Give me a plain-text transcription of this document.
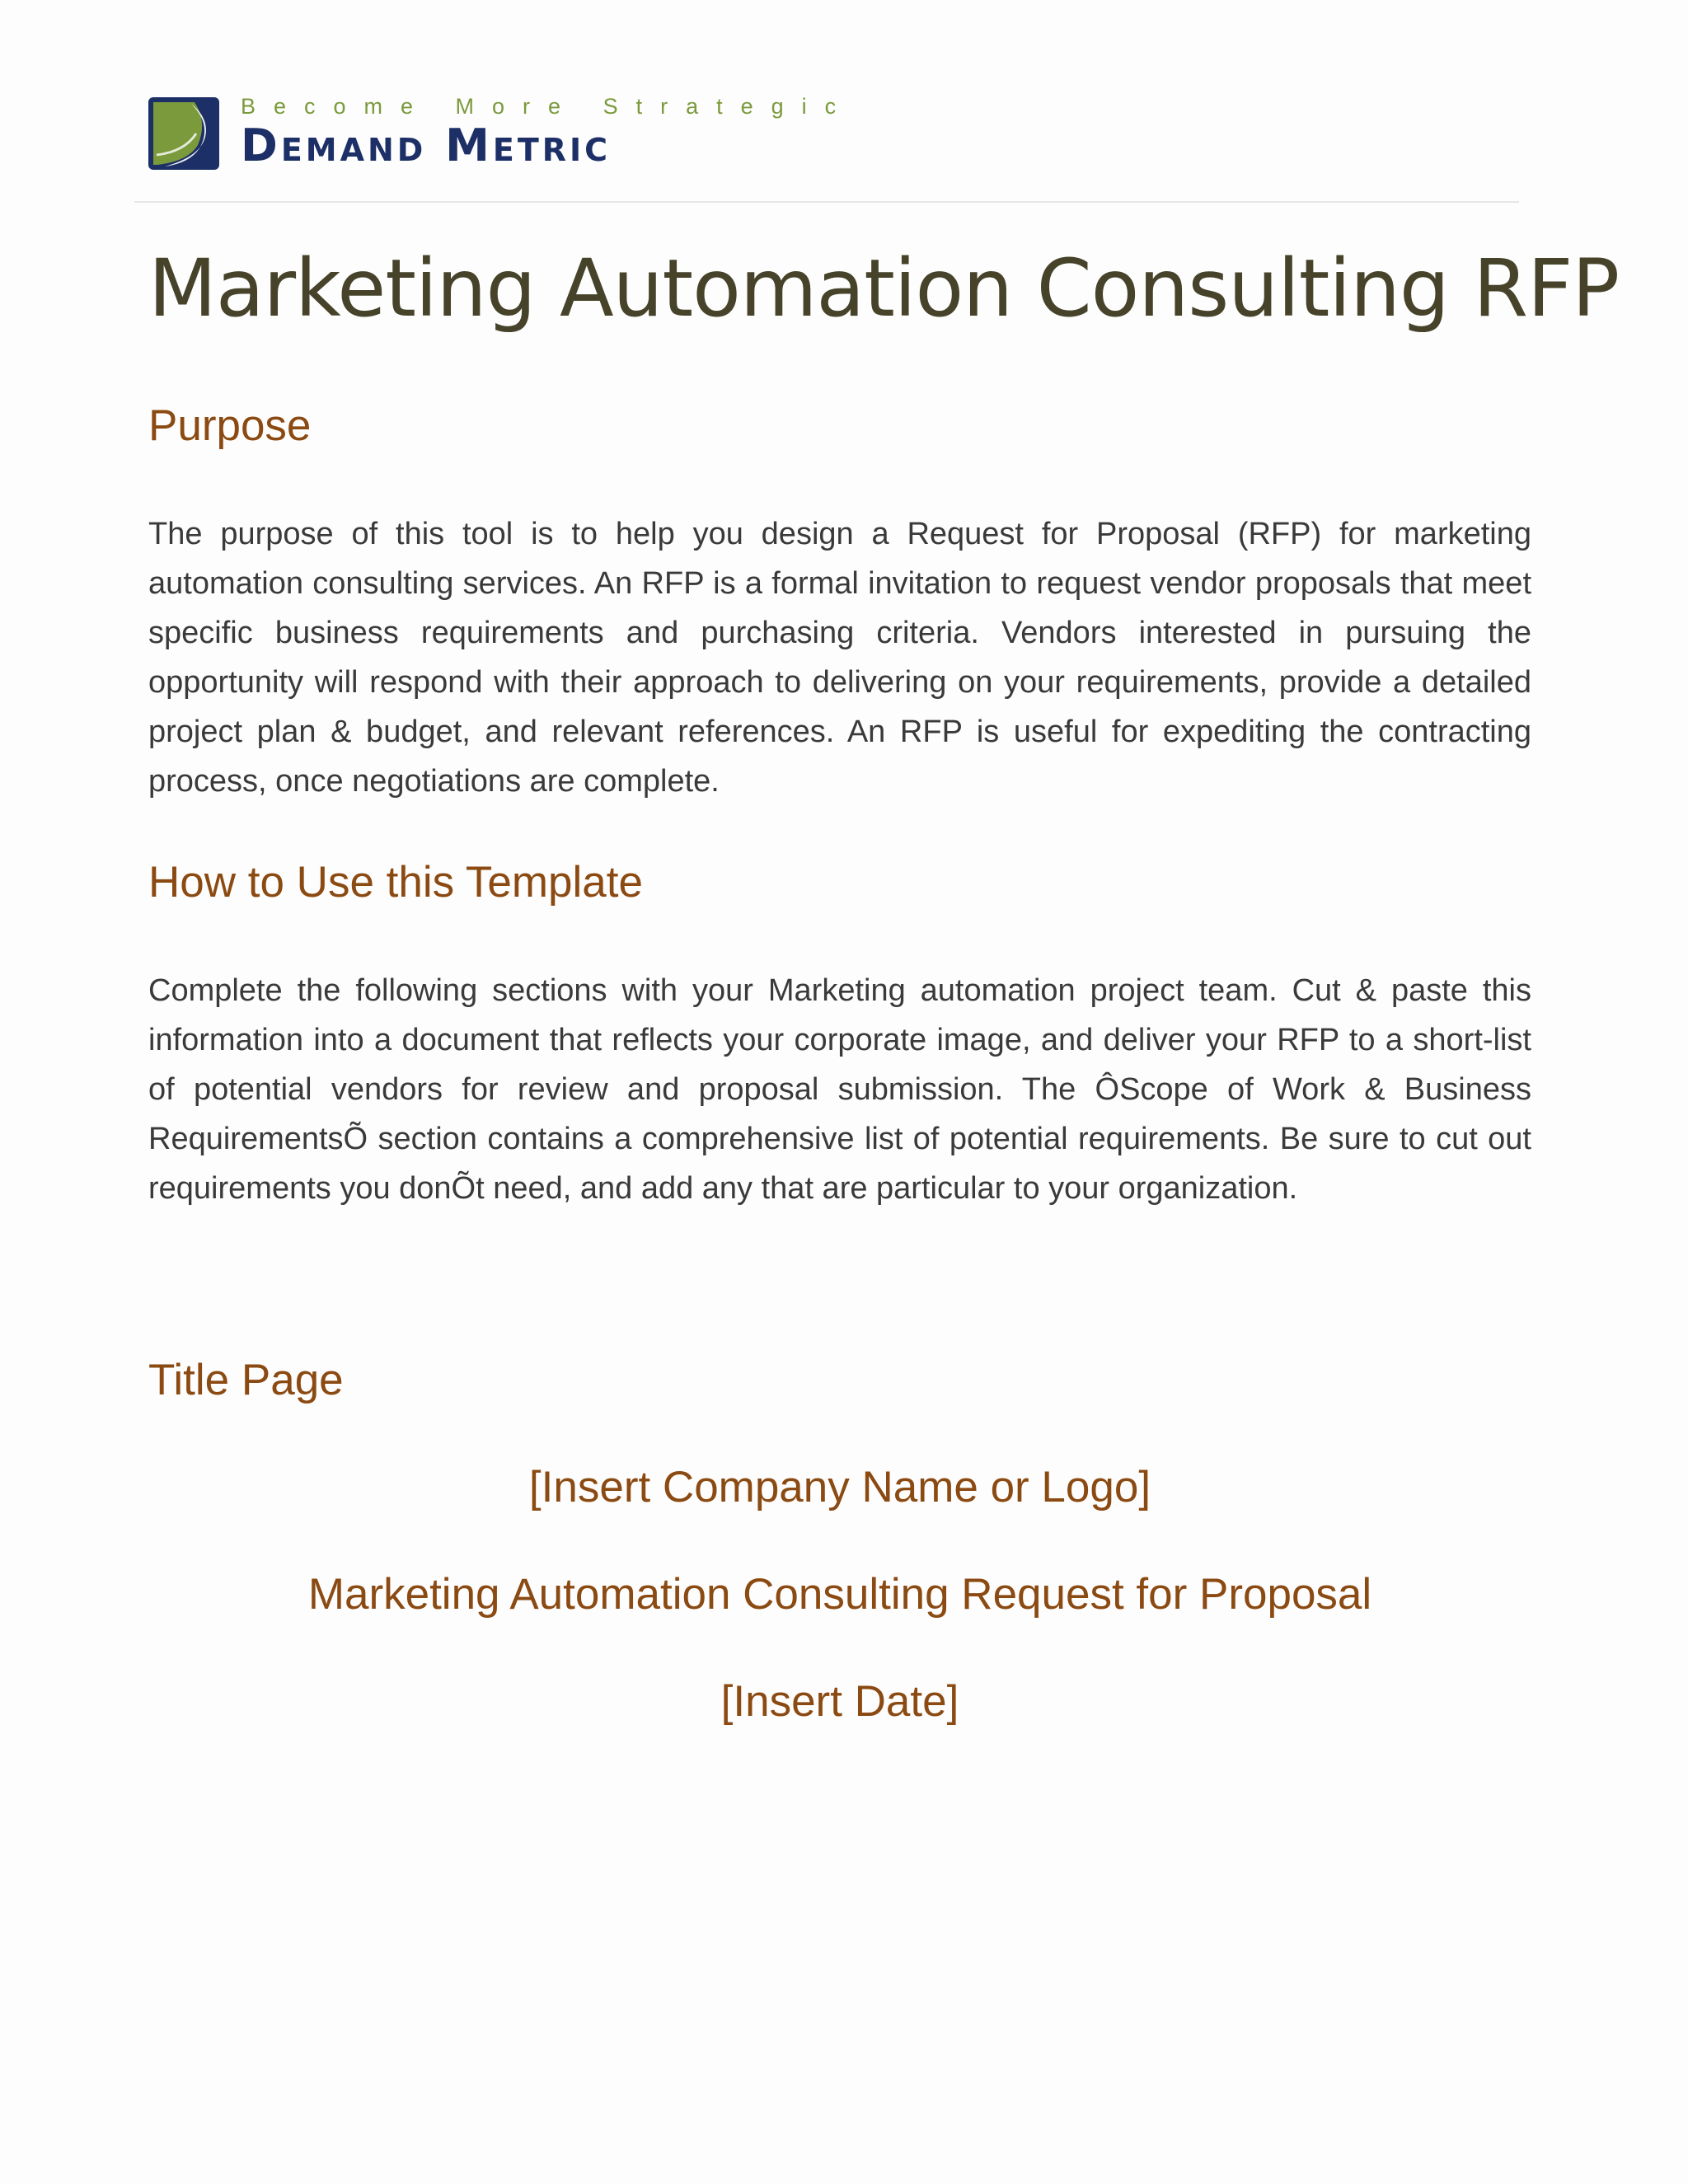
Become More Strategic
Demand Metric
Marketing Automation Consulting RFP
Purpose

The purpose of this tool is to help you design a Request for Proposal (RFP) for marketing automation consulting services. An RFP is a formal invitation to request vendor proposals that meet specific business requirements and purchasing criteria. Vendors interested in pursuing the opportunity will respond with their approach to delivering on your requirements, provide a detailed project plan & budget, and relevant references. An RFP is useful for expediting the contracting process, once negotiations are complete.

How to Use this Template

Complete the following sections with your Marketing automation project team. Cut & paste this information into a document that reflects your corporate image, and deliver your RFP to a short-list of potential vendors for review and proposal submission. The ÔScope of Work & Business RequirementsÕ section contains a comprehensive list of potential requirements. Be sure to cut out requirements you donÕt need, and add any that are particular to your organization.

Title Page
[Insert Company Name or Logo]
Marketing Automation Consulting Request for Proposal
[Insert Date]
